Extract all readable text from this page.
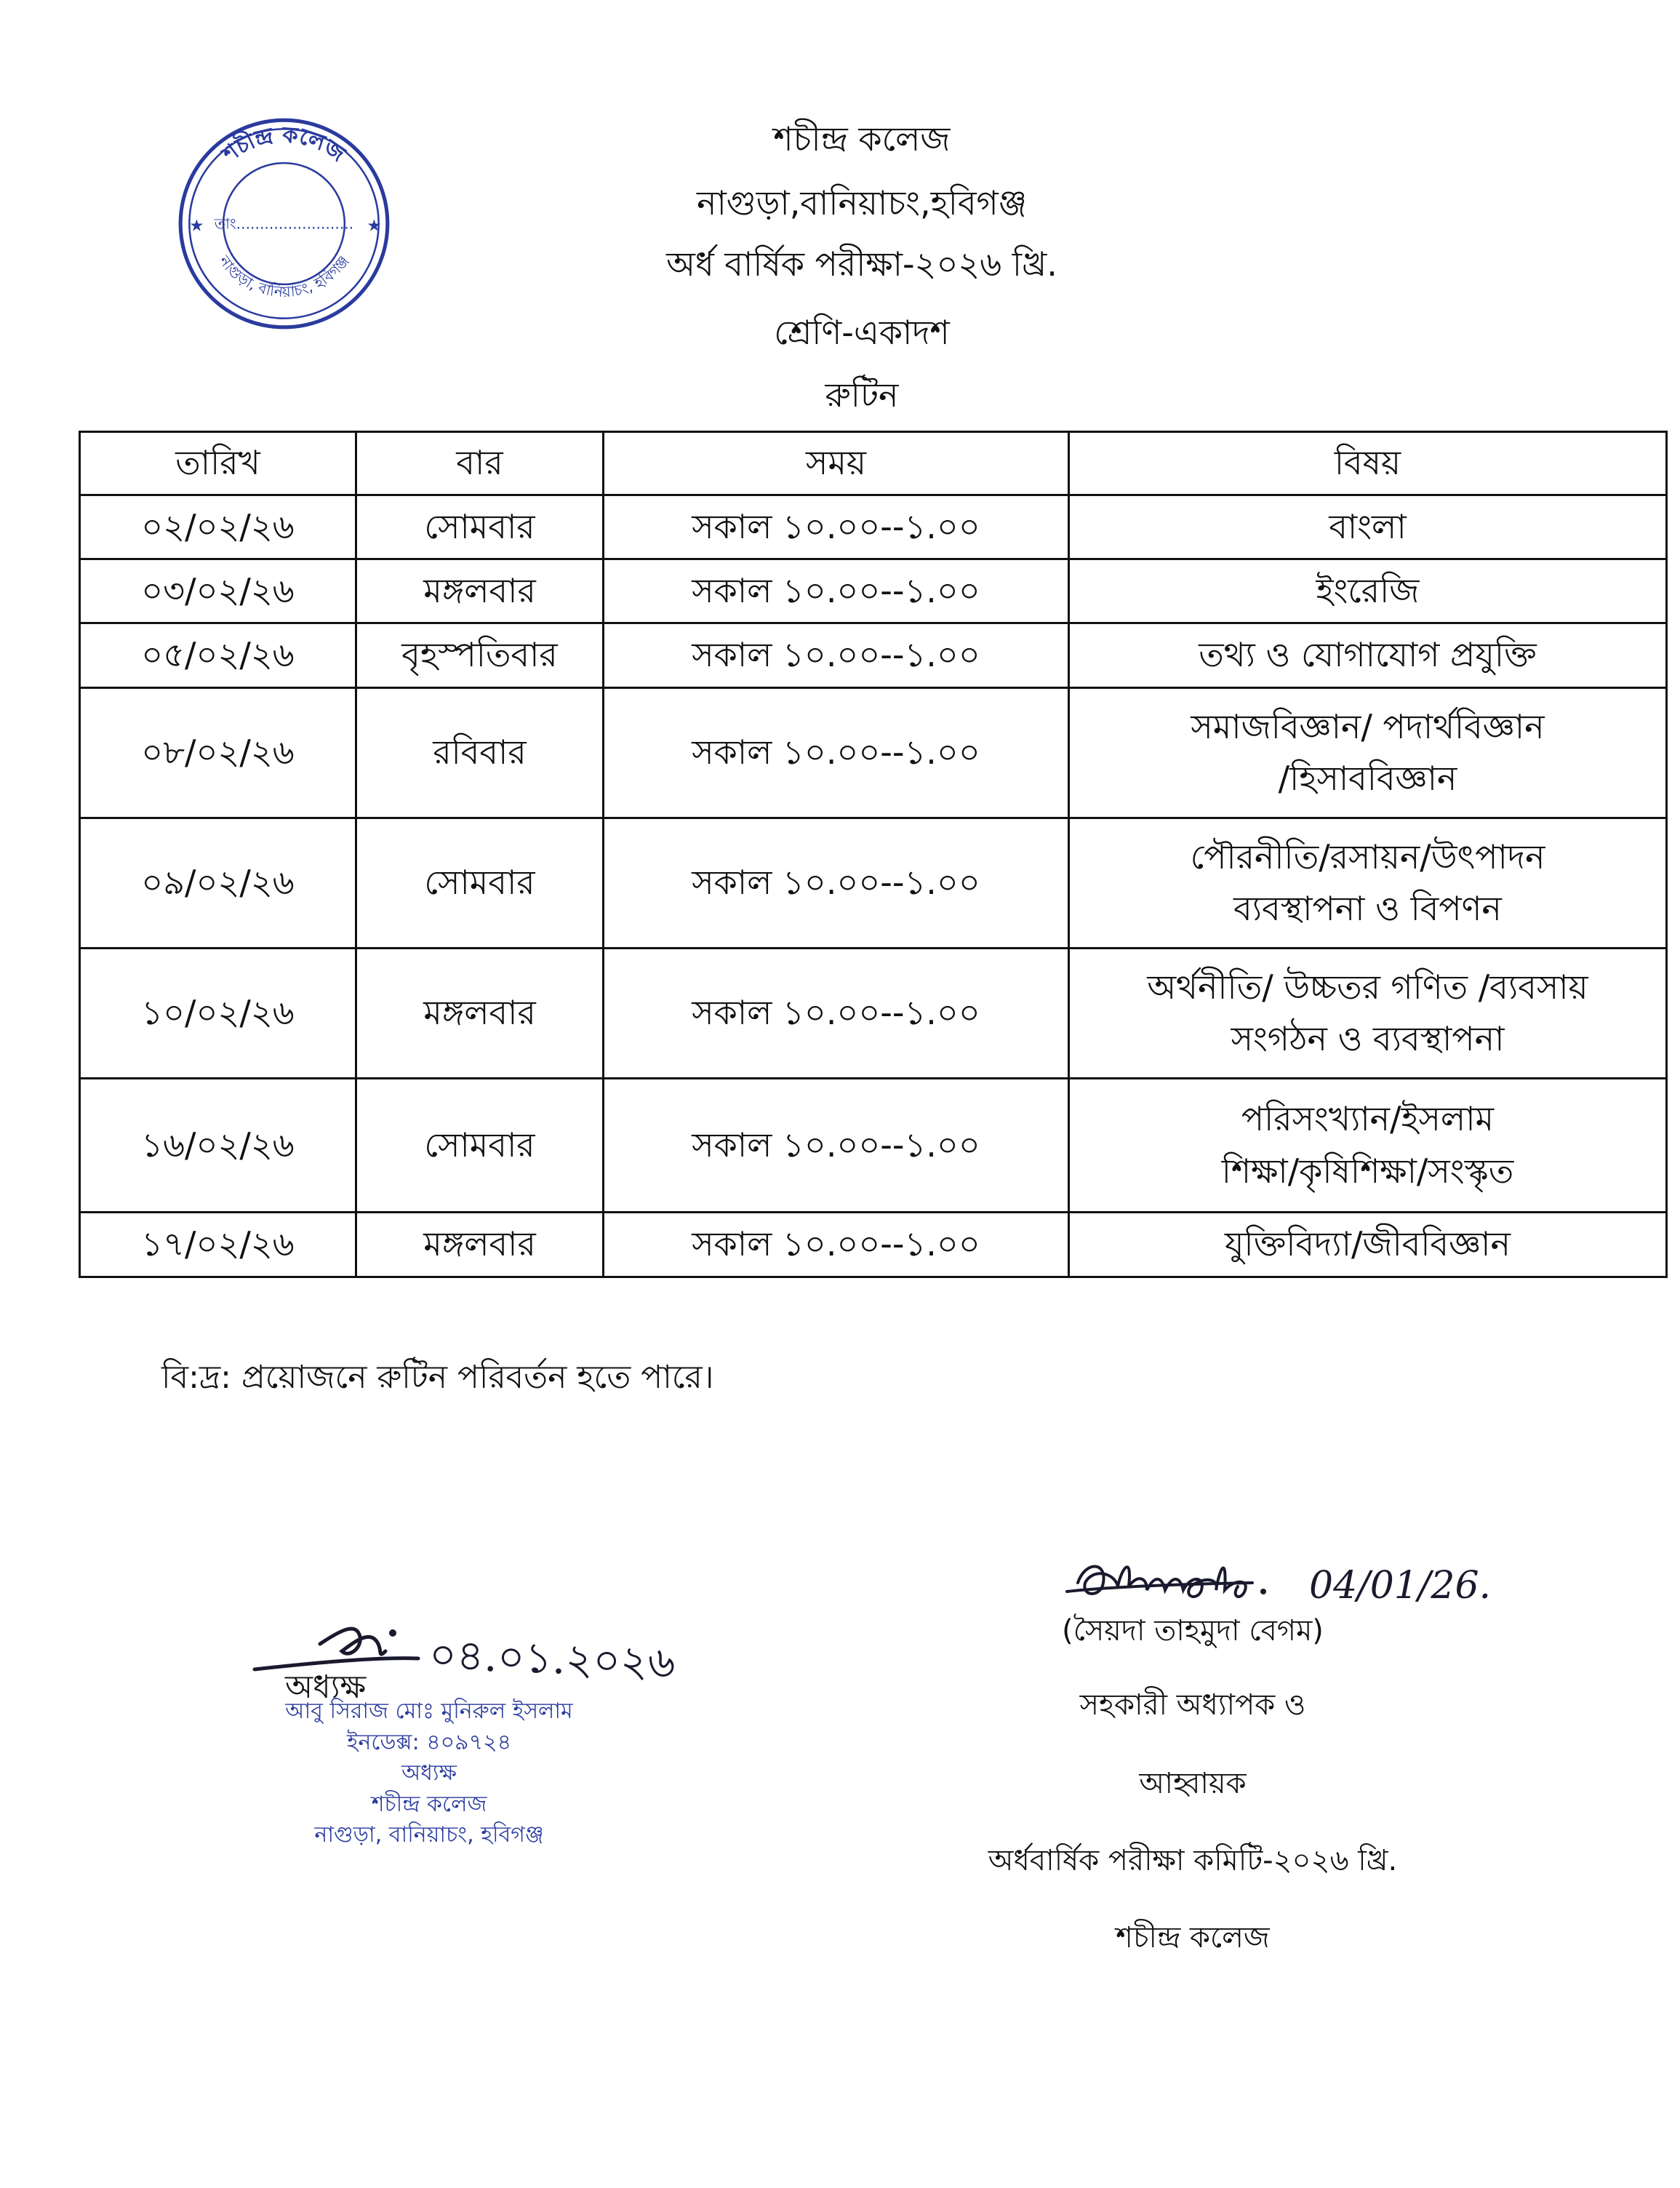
শচীন্দ্র কলেজ
নাগুড়া,বানিয়াচং,হবিগঞ্জ
অর্ধ বার্ষিক পরীক্ষা-২০২৬ খ্রি.
শ্রেণি-একাদশ
রুটিন
শচীন্দ্র কলেজ
নাগুড়া, বানিয়াচং, হবিগঞ্জ
★	★
তাং.........................
তারিখ	বার	সময়	বিষয়
০২/০২/২৬	সোমবার	সকাল ১০.০০--১.০০	বাংলা

০৩/০২/২৬	মঙ্গলবার	সকাল ১০.০০--১.০০	ইংরেজি

০৫/০২/২৬	বৃহস্পতিবার	সকাল ১০.০০--১.০০	তথ্য ও যোগাযোগ প্রযুক্তি

০৮/০২/২৬	রবিবার	সকাল ১০.০০--১.০০	সমাজবিজ্ঞান/ পদার্থবিজ্ঞান
/হিসাববিজ্ঞান

০৯/০২/২৬	সোমবার	সকাল ১০.০০--১.০০	পৌরনীতি/রসায়ন/উৎপাদন
ব্যবস্থাপনা ও বিপণন

১০/০২/২৬	মঙ্গলবার	সকাল ১০.০০--১.০০	অর্থনীতি/ উচ্চতর গণিত /ব্যবসায়
সংগঠন ও ব্যবস্থাপনা

১৬/০২/২৬	সোমবার	সকাল ১০.০০--১.০০	পরিসংখ্যান/ইসলাম
শিক্ষা/কৃষিশিক্ষা/সংস্কৃত

১৭/০২/২৬	মঙ্গলবার	সকাল ১০.০০--১.০০	যুক্তিবিদ্যা/জীববিজ্ঞান
বি:দ্র: প্রয়োজনে রুটিন পরিবর্তন হতে পারে।
০৪.০১.২০২৬
অধ্যক্ষ
আবু সিরাজ মোঃ মুনিরুল ইসলাম
ইনডেক্স: ৪০৯৭২৪
অধ্যক্ষ
শচীন্দ্র কলেজ
নাগুড়া, বানিয়াচং, হবিগঞ্জ
04/01/26.
(সৈয়দা তাহমুদা বেগম)
সহকারী অধ্যাপক ও
আহ্বায়ক
অর্ধবার্ষিক পরীক্ষা কমিটি-২০২৬ খ্রি.
শচীন্দ্র কলেজ
